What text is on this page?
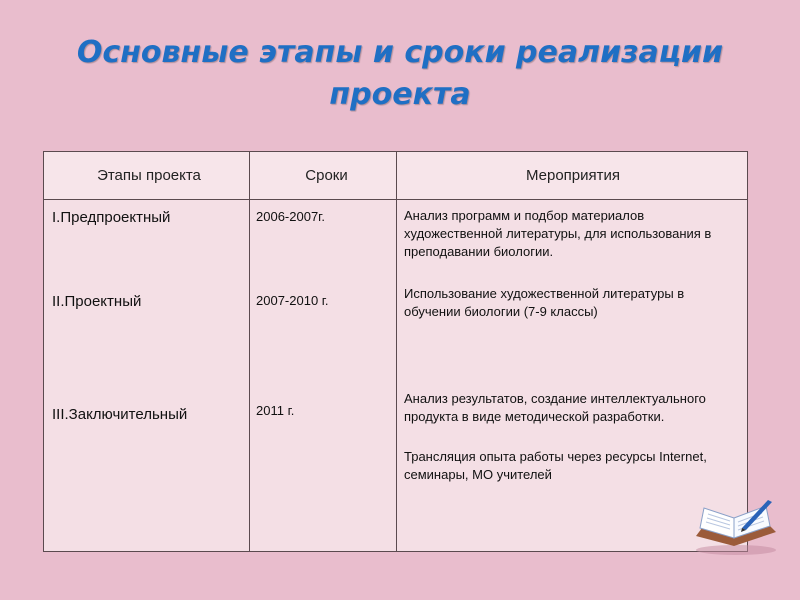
Основные этапы и сроки реализации
проекта
Этапы проекта	Сроки	Мероприятия
I.Предпроектный
II.Проектный
III.Заключительный
2006-2007г.
2007-2010 г.
2011 г.
Анализ программ и подбор материалов художественной литературы, для использования в преподавании биологии.
Использование художественной литературы в обучении биологии (7-9 классы)
Анализ результатов, создание интеллектуального продукта в виде методической разработки.
Трансляция опыта работы через ресурсы Internet, семинары, МО учителей
